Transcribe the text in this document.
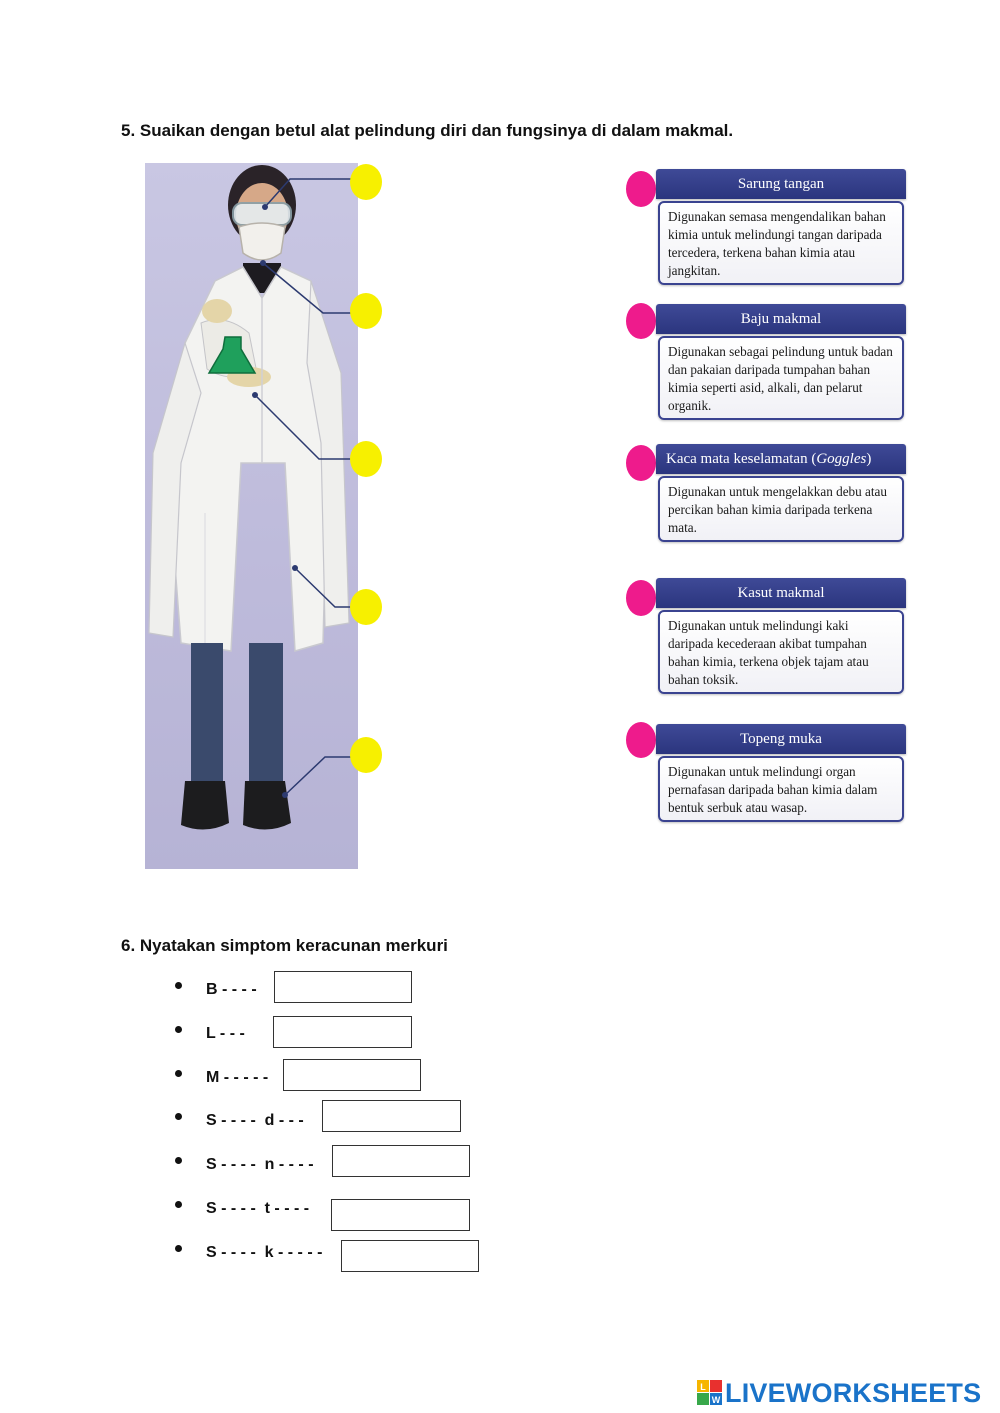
5. Suaikan dengan betul alat pelindung diri dan fungsinya di dalam makmal.
Sarung tangan
Digunakan semasa mengendalikan bahan kimia untuk melindungi tangan daripada tercedera, terkena bahan kimia atau jangkitan.
Baju makmal
Digunakan sebagai pelindung untuk badan dan pakaian daripada tumpahan bahan kimia seperti asid, alkali, dan pelarut organik.
Kaca mata keselamatan ( Goggles )
Digunakan untuk mengelakkan debu atau percikan bahan kimia daripada terkena mata.
Kasut makmal
Digunakan untuk melindungi kaki daripada kecederaan akibat tumpahan bahan kimia, terkena objek tajam atau bahan toksik.
Topeng muka
Digunakan untuk melindungi organ pernafasan daripada bahan kimia dalam bentuk serbuk atau wasap.
6. Nyatakan simptom keracunan merkuri
B - - - -
L - - -
M - - - - -
S - - - -  d - - -
S - - - -  n - - - -
S - - - -  t - - - -
S - - - -  k - - - - -
L
W LIVEWORKSHEETS
